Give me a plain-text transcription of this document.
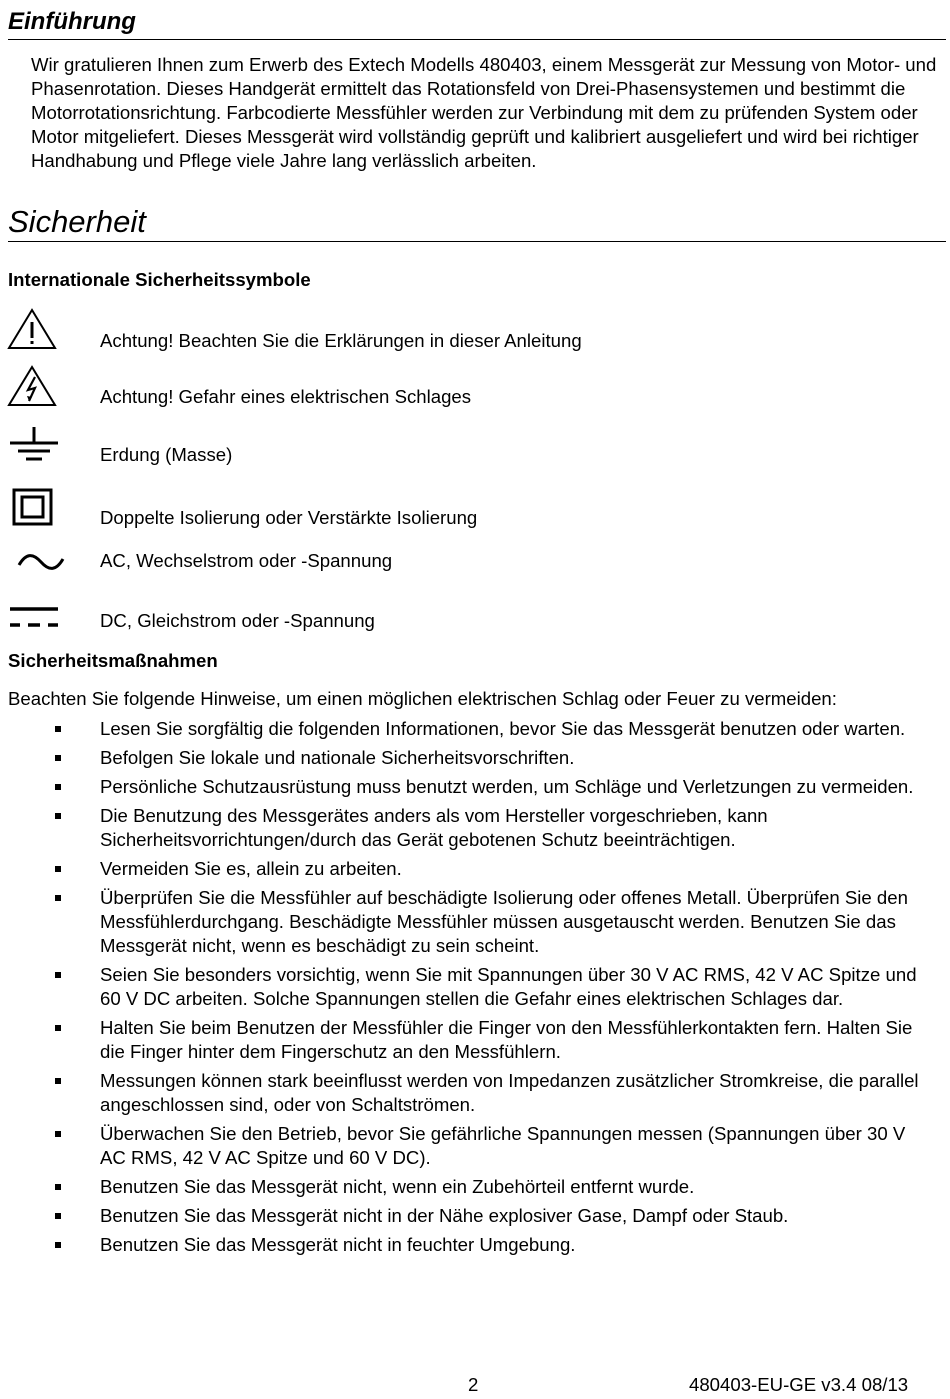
Einführung
Wir gratulieren Ihnen zum Erwerb des Extech Modells 480403, einem Messgerät zur Messung von Motor- und Phasenrotation. Dieses Handgerät ermittelt das Rotationsfeld von Drei-Phasensystemen und bestimmt die Motorrotationsrichtung. Farbcodierte Messfühler werden zur Verbindung mit dem zu prüfenden System oder Motor mitgeliefert. Dieses Messgerät wird vollständig geprüft und kalibriert ausgeliefert und wird bei richtiger Handhabung und Pflege viele Jahre lang verlässlich arbeiten.
Sicherheit
Internationale Sicherheitssymbole
Achtung! Beachten Sie die Erklärungen in dieser Anleitung
Achtung! Gefahr eines elektrischen Schlages
Erdung (Masse)
Doppelte Isolierung oder Verstärkte Isolierung
AC, Wechselstrom oder -Spannung
DC, Gleichstrom oder -Spannung
Sicherheitsmaßnahmen
Beachten Sie folgende Hinweise, um einen möglichen elektrischen Schlag oder Feuer zu vermeiden:
Lesen Sie sorgfältig die folgenden Informationen, bevor Sie das Messgerät benutzen oder warten.
Befolgen Sie lokale und nationale Sicherheitsvorschriften.
Persönliche Schutzausrüstung muss benutzt werden, um Schläge und Verletzungen zu vermeiden.
Die Benutzung des Messgerätes anders als vom Hersteller vorgeschrieben, kann Sicherheitsvorrichtungen/durch das Gerät gebotenen Schutz beeinträchtigen.
Vermeiden Sie es, allein zu arbeiten.
Überprüfen Sie die Messfühler auf beschädigte Isolierung oder offenes Metall. Überprüfen Sie den Messfühlerdurchgang. Beschädigte Messfühler müssen ausgetauscht werden. Benutzen Sie das Messgerät nicht, wenn es beschädigt zu sein scheint.
Seien Sie besonders vorsichtig, wenn Sie mit Spannungen über 30 V AC RMS, 42 V AC Spitze und 60 V DC arbeiten. Solche Spannungen stellen die Gefahr eines elektrischen Schlages dar.
Halten Sie beim Benutzen der Messfühler die Finger von den Messfühlerkontakten fern. Halten Sie die Finger hinter dem Fingerschutz an den Messfühlern.
Messungen können stark beeinflusst werden von Impedanzen zusätzlicher Stromkreise, die parallel angeschlossen sind, oder von Schaltströmen.
Überwachen Sie den Betrieb, bevor Sie gefährliche Spannungen messen (Spannungen über 30 V AC RMS, 42 V AC Spitze und 60 V DC).
Benutzen Sie das Messgerät nicht, wenn ein Zubehörteil entfernt wurde.
Benutzen Sie das Messgerät nicht in der Nähe explosiver Gase, Dampf oder Staub.
Benutzen Sie das Messgerät nicht in feuchter Umgebung.
2	480403-EU-GE v3.4 08/13
